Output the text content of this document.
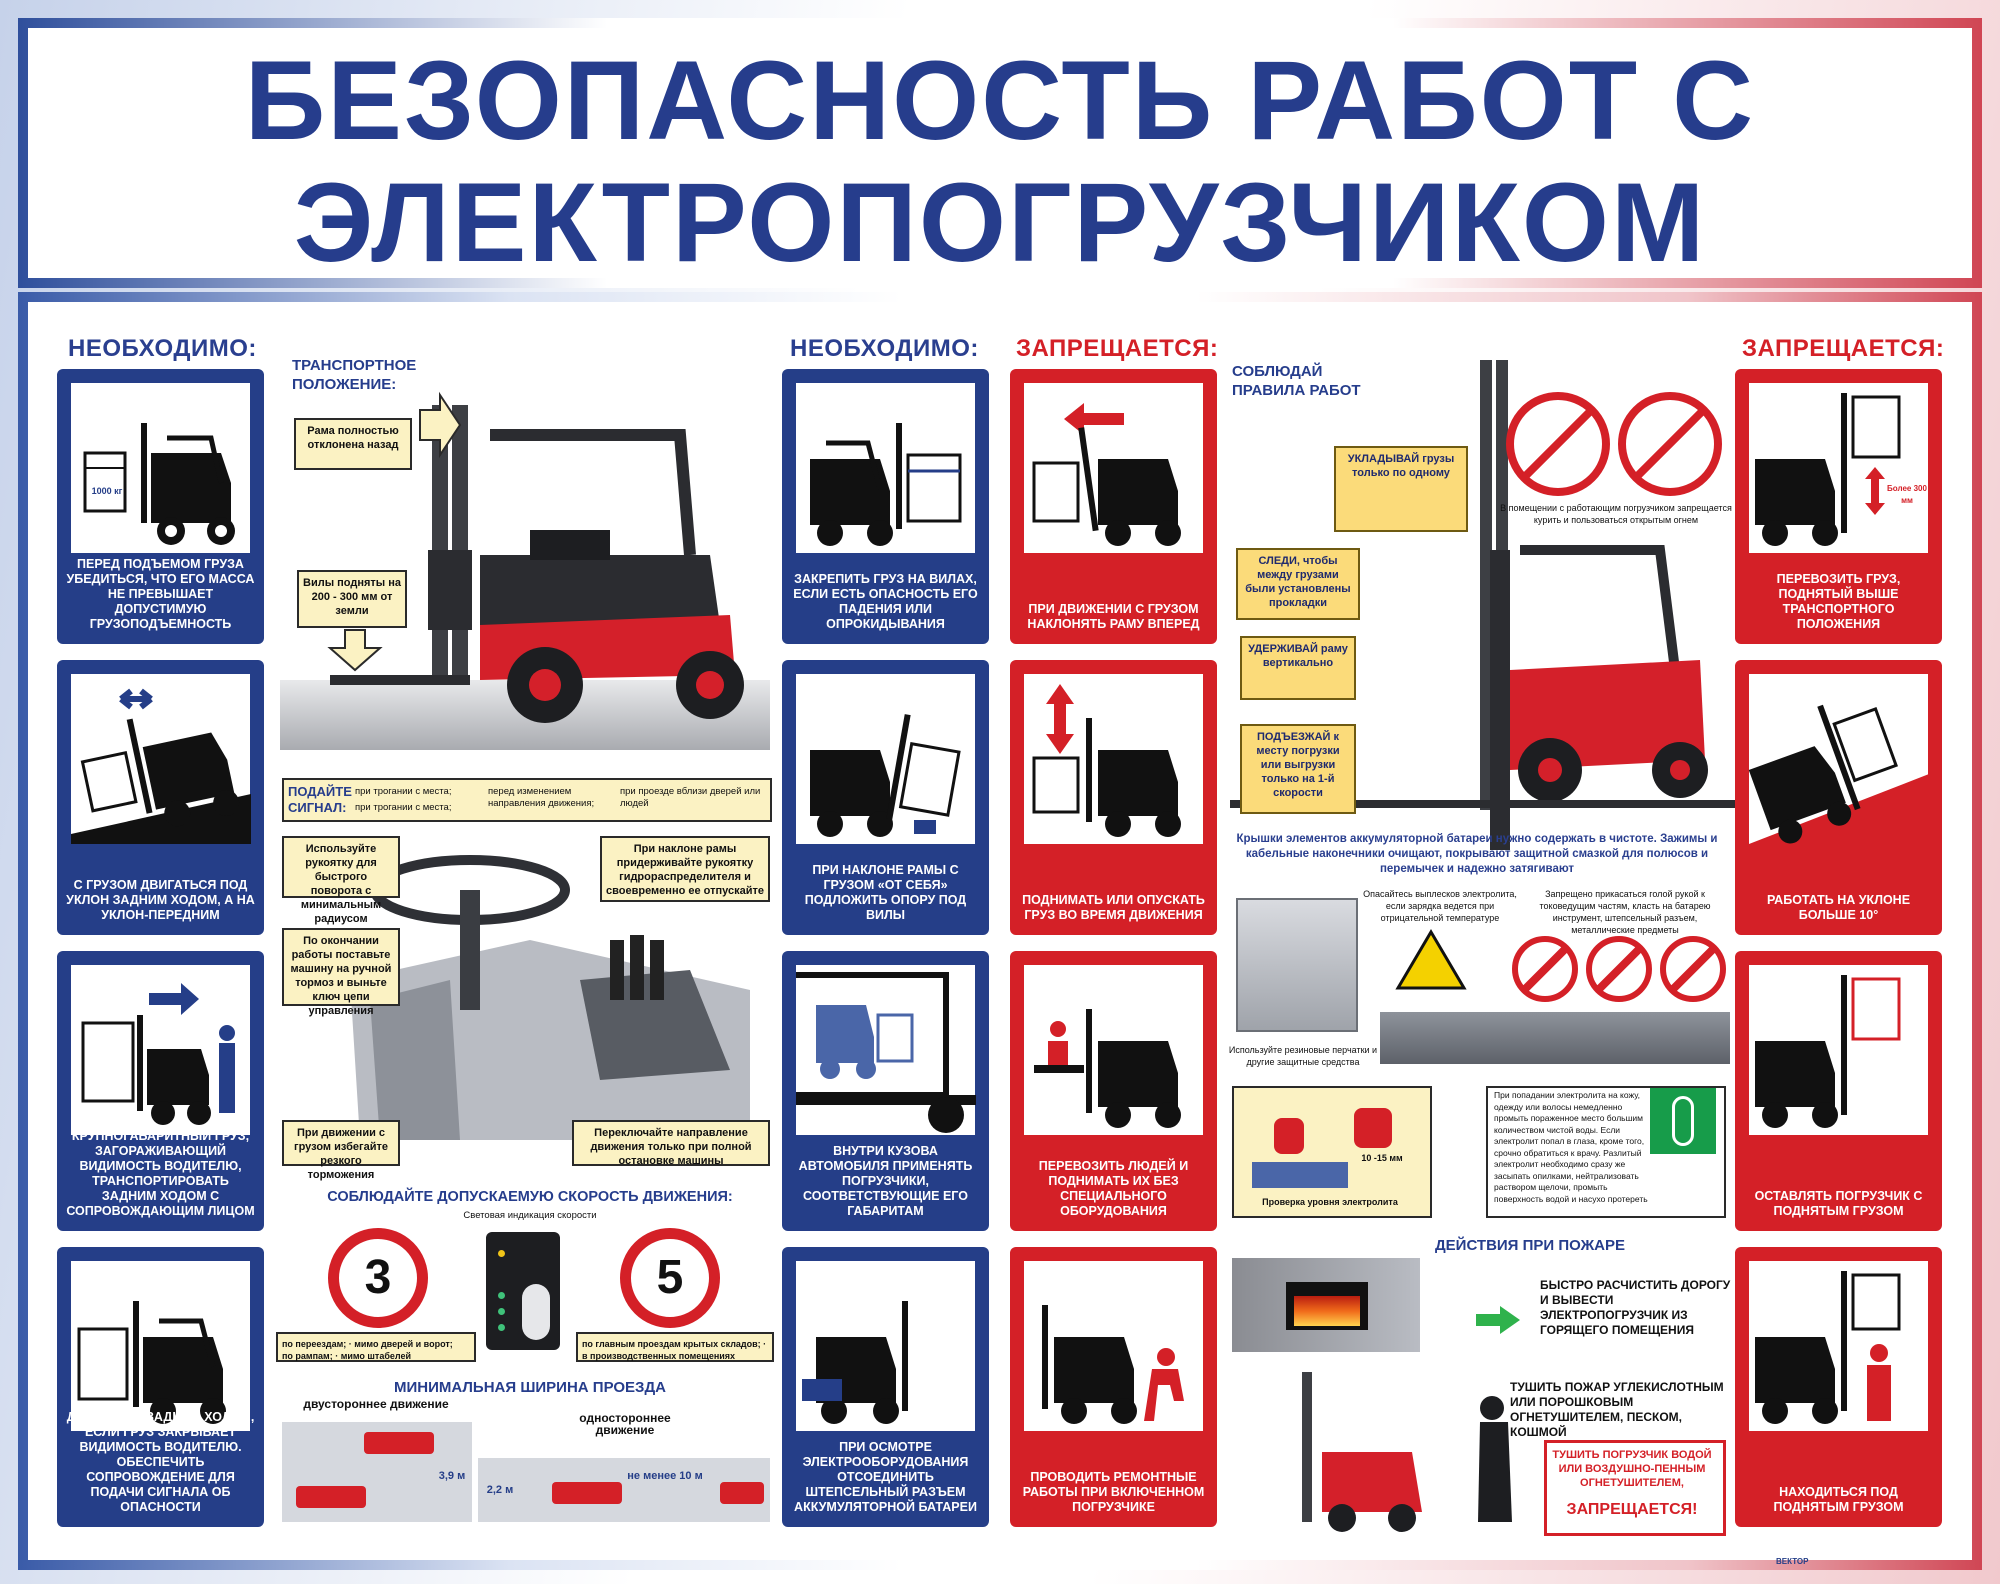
БЕЗОПАСНОСТЬ РАБОТ С
ЭЛЕКТРОПОГРУЗЧИКОМ
НЕОБХОДИМО:	НЕОБХОДИМО: ЗАПРЕЩАЕТСЯ:	ЗАПРЕЩАЕТСЯ:
1000 кг
ПЕРЕД ПОДЪЕМОМ ГРУЗА УБЕДИТЬСЯ, ЧТО ЕГО МАССА НЕ ПРЕВЫШАЕТ ДОПУСТИМУЮ ГРУЗОПОДЪЕМНОСТЬ
С ГРУЗОМ ДВИГАТЬСЯ ПОД УКЛОН ЗАДНИМ ХОДОМ, А НА УКЛОН-ПЕРЕДНИМ
КРУПНОГАБАРИТНЫЙ ГРУЗ, ЗАГОРАЖИВАЮЩИЙ ВИДИМОСТЬ ВОДИТЕЛЮ, ТРАНСПОРТИРОВАТЬ ЗАДНИМ ХОДОМ С СОПРОВОЖДАЮЩИМ ЛИЦОМ
ДВИГАТЬСЯ ЗАДНИМ ХОДОМ, ЕСЛИ ГРУЗ ЗАКРЫВАЕТ ВИДИМОСТЬ ВОДИТЕЛЮ. ОБЕСПЕЧИТЬ СОПРОВОЖДЕНИЕ ДЛЯ ПОДАЧИ СИГНАЛА ОБ ОПАСНОСТИ
ТРАНСПОРТНОЕ ПОЛОЖЕНИЕ:
Рама полностью отклонена назад
Вилы подняты на 200 - 300 мм от земли
ПОДАЙТЕ СИГНАЛ:
при трогании с места;
при трогании с места;
перед изменением направления движения;
при проезде вблизи дверей или людей
Используйте рукоятку для быстрого поворота с минимальным радиусом
При наклоне рамы придерживайте рукоятку гидрораспределителя и своевременно ее отпускайте
По окончании работы поставьте машину на ручной тормоз и выньте ключ цепи управления
При движении с грузом избегайте резкого торможения
Переключайте направление движения только при полной остановке машины
СОБЛЮДАЙТЕ ДОПУСКАЕМУЮ СКОРОСТЬ ДВИЖЕНИЯ:
Световая индикация скорости
3	5
по переездам; · мимо дверей и ворот;
по рампам; · мимо штабелей
по главным проездам крытых складов; · в производственных помещениях
МИНИМАЛЬНАЯ ШИРИНА ПРОЕЗДА
двустороннее движение
одностороннее движение
3,9 м
2,2 м
не менее 10 м
ЗАКРЕПИТЬ ГРУЗ НА ВИЛАХ, ЕСЛИ ЕСТЬ ОПАСНОСТЬ ЕГО ПАДЕНИЯ ИЛИ ОПРОКИДЫВАНИЯ
ПРИ НАКЛОНЕ РАМЫ С ГРУЗОМ «ОТ СЕБЯ» ПОДЛОЖИТЬ ОПОРУ ПОД ВИЛЫ
ВНУТРИ КУЗОВА АВТОМОБИЛЯ ПРИМЕНЯТЬ ПОГРУЗЧИКИ, СООТВЕТСТВУЮЩИЕ ЕГО ГАБАРИТАМ
ПРИ ОСМОТРЕ ЭЛЕКТРООБОРУДОВАНИЯ ОТСОЕДИНИТЬ ШТЕПСЕЛЬНЫЙ РАЗЪЕМ АККУМУЛЯТОРНОЙ БАТАРЕИ
ПРИ ДВИЖЕНИИ С ГРУЗОМ НАКЛОНЯТЬ РАМУ ВПЕРЕД
ПОДНИМАТЬ ИЛИ ОПУСКАТЬ ГРУЗ ВО ВРЕМЯ ДВИЖЕНИЯ
ПЕРЕВОЗИТЬ ЛЮДЕЙ И ПОДНИМАТЬ ИХ БЕЗ СПЕЦИАЛЬНОГО ОБОРУДОВАНИЯ
ПРОВОДИТЬ РЕМОНТНЫЕ РАБОТЫ ПРИ ВКЛЮЧЕННОМ ПОГРУЗЧИКЕ
СОБЛЮДАЙ ПРАВИЛА РАБОТ
УКЛАДЫВАЙ грузы только по одному
СЛЕДИ, чтобы между грузами были установлены прокладки
УДЕРЖИВАЙ раму вертикально
ПОДЪЕЗЖАЙ к месту погрузки или выгрузки только на 1-й скорости
В помещении с работающим погрузчиком запрещается курить и пользоваться открытым огнем
Крышки элементов аккумуляторной батареи нужно содержать в чистоте. Зажимы и кабельные наконечники очищают, покрывают защитной смазкой для полюсов и перемычек и надежно затягивают
Опасайтесь выплесков электролита, если зарядка ведется при отрицательной температуре
Запрещено прикасаться голой рукой к токоведущим частям, класть на батарею инструмент, штепсельный разъем, металлические предметы
Используйте резиновые перчатки и другие защитные средства
10 -15 мм
Проверка уровня электролита
При попадании электролита на кожу, одежду или волосы немедленно промыть пораженное место большим количеством чистой воды. Если электролит попал в глаза, кроме того, срочно обратиться к врачу. Разлитый электролит необходимо сразу же засыпать опилками, нейтрализовать раствором щелочи, промыть поверхность водой и насухо протереть
ДЕЙСТВИЯ ПРИ ПОЖАРЕ
БЫСТРО РАСЧИСТИТЬ ДОРОГУ И ВЫВЕСТИ ЭЛЕКТРОПОГРУЗЧИК ИЗ ГОРЯЩЕГО ПОМЕЩЕНИЯ
ТУШИТЬ ПОЖАР УГЛЕКИСЛОТНЫМ ИЛИ ПОРОШКОВЫМ ОГНЕТУШИТЕЛЕМ, ПЕСКОМ, КОШМОЙ
ТУШИТЬ ПОГРУЗЧИК ВОДОЙ ИЛИ ВОЗДУШНО-ПЕННЫМ ОГНЕТУШИТЕЛЕМ,
ЗАПРЕЩАЕТСЯ!
Более 300 мм
ПЕРЕВОЗИТЬ ГРУЗ, ПОДНЯТЫЙ ВЫШЕ ТРАНСПОРТНОГО ПОЛОЖЕНИЯ
РАБОТАТЬ НА УКЛОНЕ БОЛЬШЕ 10°
ОСТАВЛЯТЬ ПОГРУЗЧИК С ПОДНЯТЫМ ГРУЗОМ
НАХОДИТЬСЯ ПОД ПОДНЯТЫМ ГРУЗОМ
ВЕКТОР
